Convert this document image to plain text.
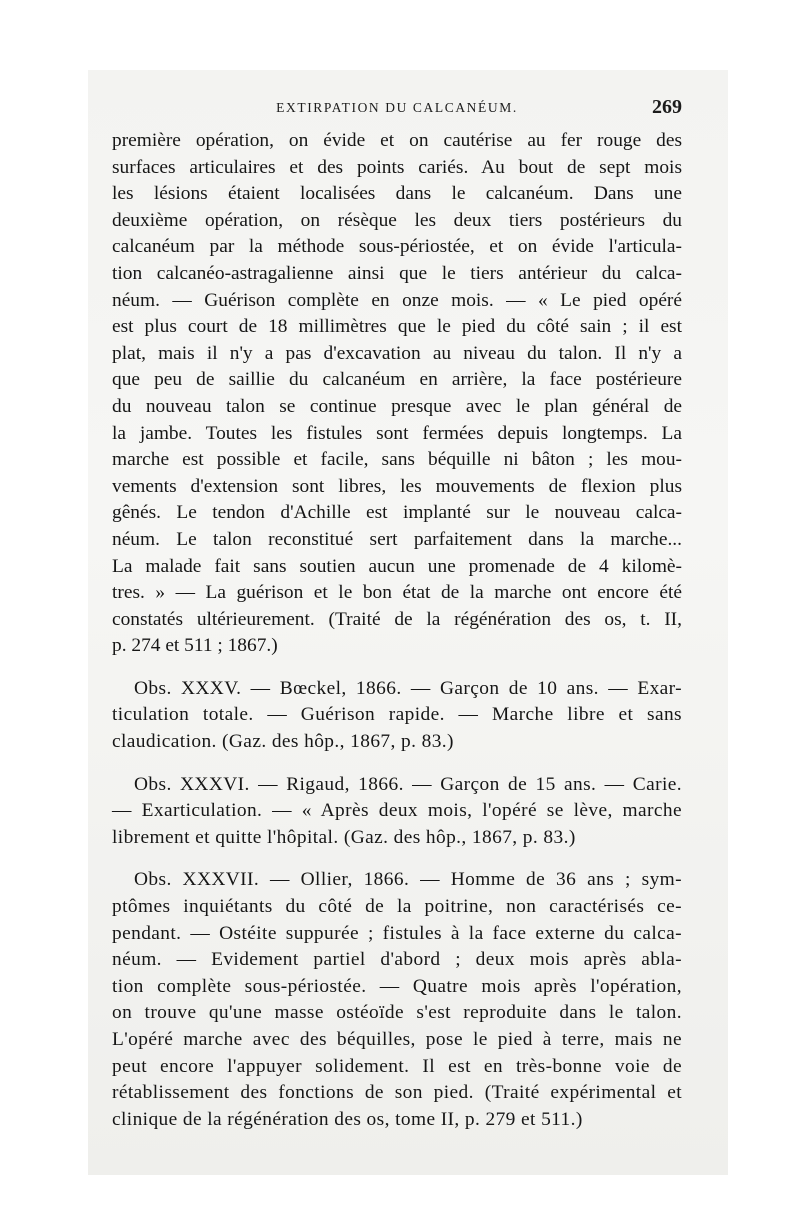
EXTIRPATION DU CALCANÉUM.	269
première opération, on évide et on cautérise au fer rouge des
surfaces articulaires et des points cariés. Au bout de sept mois
les lésions étaient localisées dans le calcanéum. Dans une
deuxième opération, on résèque les deux tiers postérieurs du
calcanéum par la méthode sous-périostée, et on évide l'articula-
tion calcanéo-astragalienne ainsi que le tiers antérieur du calca-
néum. — Guérison complète en onze mois. — « Le pied opéré
est plus court de 18 millimètres que le pied du côté sain ; il est
plat, mais il n'y a pas d'excavation au niveau du talon. Il n'y a
que peu de saillie du calcanéum en arrière, la face postérieure
du nouveau talon se continue presque avec le plan général de
la jambe. Toutes les fistules sont fermées depuis longtemps. La
marche est possible et facile, sans béquille ni bâton ; les mou-
vements d'extension sont libres, les mouvements de flexion plus
gênés. Le tendon d'Achille est implanté sur le nouveau calca-
néum. Le talon reconstitué sert parfaitement dans la marche...
La malade fait sans soutien aucun une promenade de 4 kilomè-
tres. » — La guérison et le bon état de la marche ont encore été
constatés ultérieurement. (Traité de la régénération des os, t. II,
p. 274 et 511 ; 1867.)
Obs. XXXV. — Bœckel, 1866. — Garçon de 10 ans. — Exar-
ticulation totale. — Guérison rapide. — Marche libre et sans
claudication. (Gaz. des hôp., 1867, p. 83.)
Obs. XXXVI. — Rigaud, 1866. — Garçon de 15 ans. — Carie.
— Exarticulation. — « Après deux mois, l'opéré se lève, marche
librement et quitte l'hôpital. (Gaz. des hôp., 1867, p. 83.)
Obs. XXXVII. — Ollier, 1866. — Homme de 36 ans ; sym-
ptômes inquiétants du côté de la poitrine, non caractérisés ce-
pendant. — Ostéite suppurée ; fistules à la face externe du calca-
néum. — Evidement partiel d'abord ; deux mois après abla-
tion complète sous-périostée. — Quatre mois après l'opération,
on trouve qu'une masse ostéoïde s'est reproduite dans le talon.
L'opéré marche avec des béquilles, pose le pied à terre, mais ne
peut encore l'appuyer solidement. Il est en très-bonne voie de
rétablissement des fonctions de son pied. (Traité expérimental et
clinique de la régénération des os, tome II, p. 279 et 511.)
